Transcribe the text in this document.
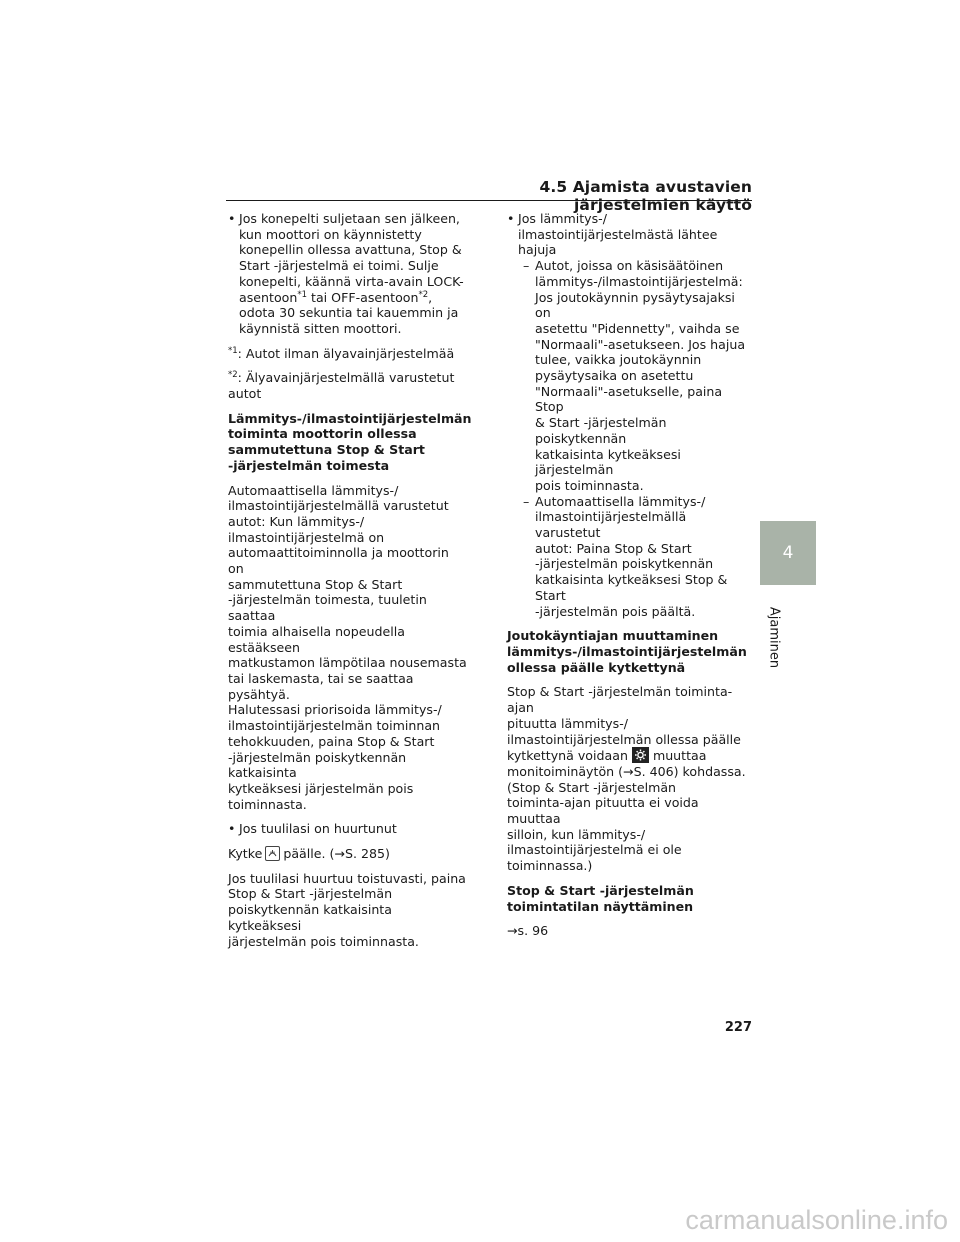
4.5 Ajamista avustavien järjestelmien käyttö
• Jos konepelti suljetaan sen jälkeen, kun moottori on käynnistetty konepellin ollessa avattuna, Stop & Start -järjestelmä ei toimi. Sulje konepelti, käännä virta-avain LOCK-asentoon$^{*1}$ tai OFF-asentoon$^{*2}$, odota 30 sekuntia tai kauemmin ja käynnistä sitten moottori.
$^{*1}$: Autot ilman älyavainjärjestelmää
$^{*2}$: Älyavainjärjestelmällä varustetut autot
Lämmitys-/ilmastointijärjestelmän
toiminta moottorin ollessa
sammutettuna Stop & Start
-järjestelmän toimesta
Automaattisella lämmitys-/
ilmastointijärjestelmällä varustetut
autot: Kun lämmitys-/
ilmastointijärjestelmä on
automaattitoiminnolla ja moottorin on
sammutettuna Stop & Start
-järjestelmän toimesta, tuuletin saattaa
toimia alhaisella nopeudella estääkseen
matkustamon lämpötilaa nousemasta
tai laskemasta, tai se saattaa pysähtyä.
Halutessasi priorisoida lämmitys-/
ilmastointijärjestelmän toiminnan
tehokkuuden, paina Stop & Start
-järjestelmän poiskytkennän katkaisinta
kytkeäksesi järjestelmän pois
toiminnasta.
• Jos tuulilasi on huurtunut
Kytke päälle. (→S. 285)
Jos tuulilasi huurtuu toistuvasti, paina
Stop & Start -järjestelmän
poiskytkennän katkaisinta kytkeäksesi
järjestelmän pois toiminnasta.
• Jos lämmitys-/
ilmastointijärjestelmästä lähtee hajuja
– Autot, joissa on käsisäätöinen
lämmitys-/ilmastointijärjestelmä:
Jos joutokäynnin pysäytysajaksi on
asetettu "Pidennetty", vaihda se
"Normaali"-asetukseen. Jos hajua
tulee, vaikka joutokäynnin
pysäytysaika on asetettu
"Normaali"-asetukselle, paina Stop
& Start -järjestelmän poiskytkennän
katkaisinta kytkeäksesi järjestelmän
pois toiminnasta.
– Automaattisella lämmitys-/
ilmastointijärjestelmällä varustetut
autot: Paina Stop & Start
-järjestelmän poiskytkennän
katkaisinta kytkeäksesi Stop & Start
-järjestelmän pois päältä.
Joutokäyntiajan muuttaminen
lämmitys-/ilmastointijärjestelmän
ollessa päälle kytkettynä
Stop & Start -järjestelmän toiminta-ajan
pituutta lämmitys-/
ilmastointijärjestelmän ollessa päälle
kytkettynä voidaan muuttaa
monitoiminäytön (→S. 406) kohdassa.
(Stop & Start -järjestelmän
toiminta-ajan pituutta ei voida muuttaa
silloin, kun lämmitys-/
ilmastointijärjestelmä ei ole
toiminnassa.)
Stop & Start -järjestelmän
toimintatilan näyttäminen
→s. 96
4
Ajaminen
227
carmanualsonline.info
